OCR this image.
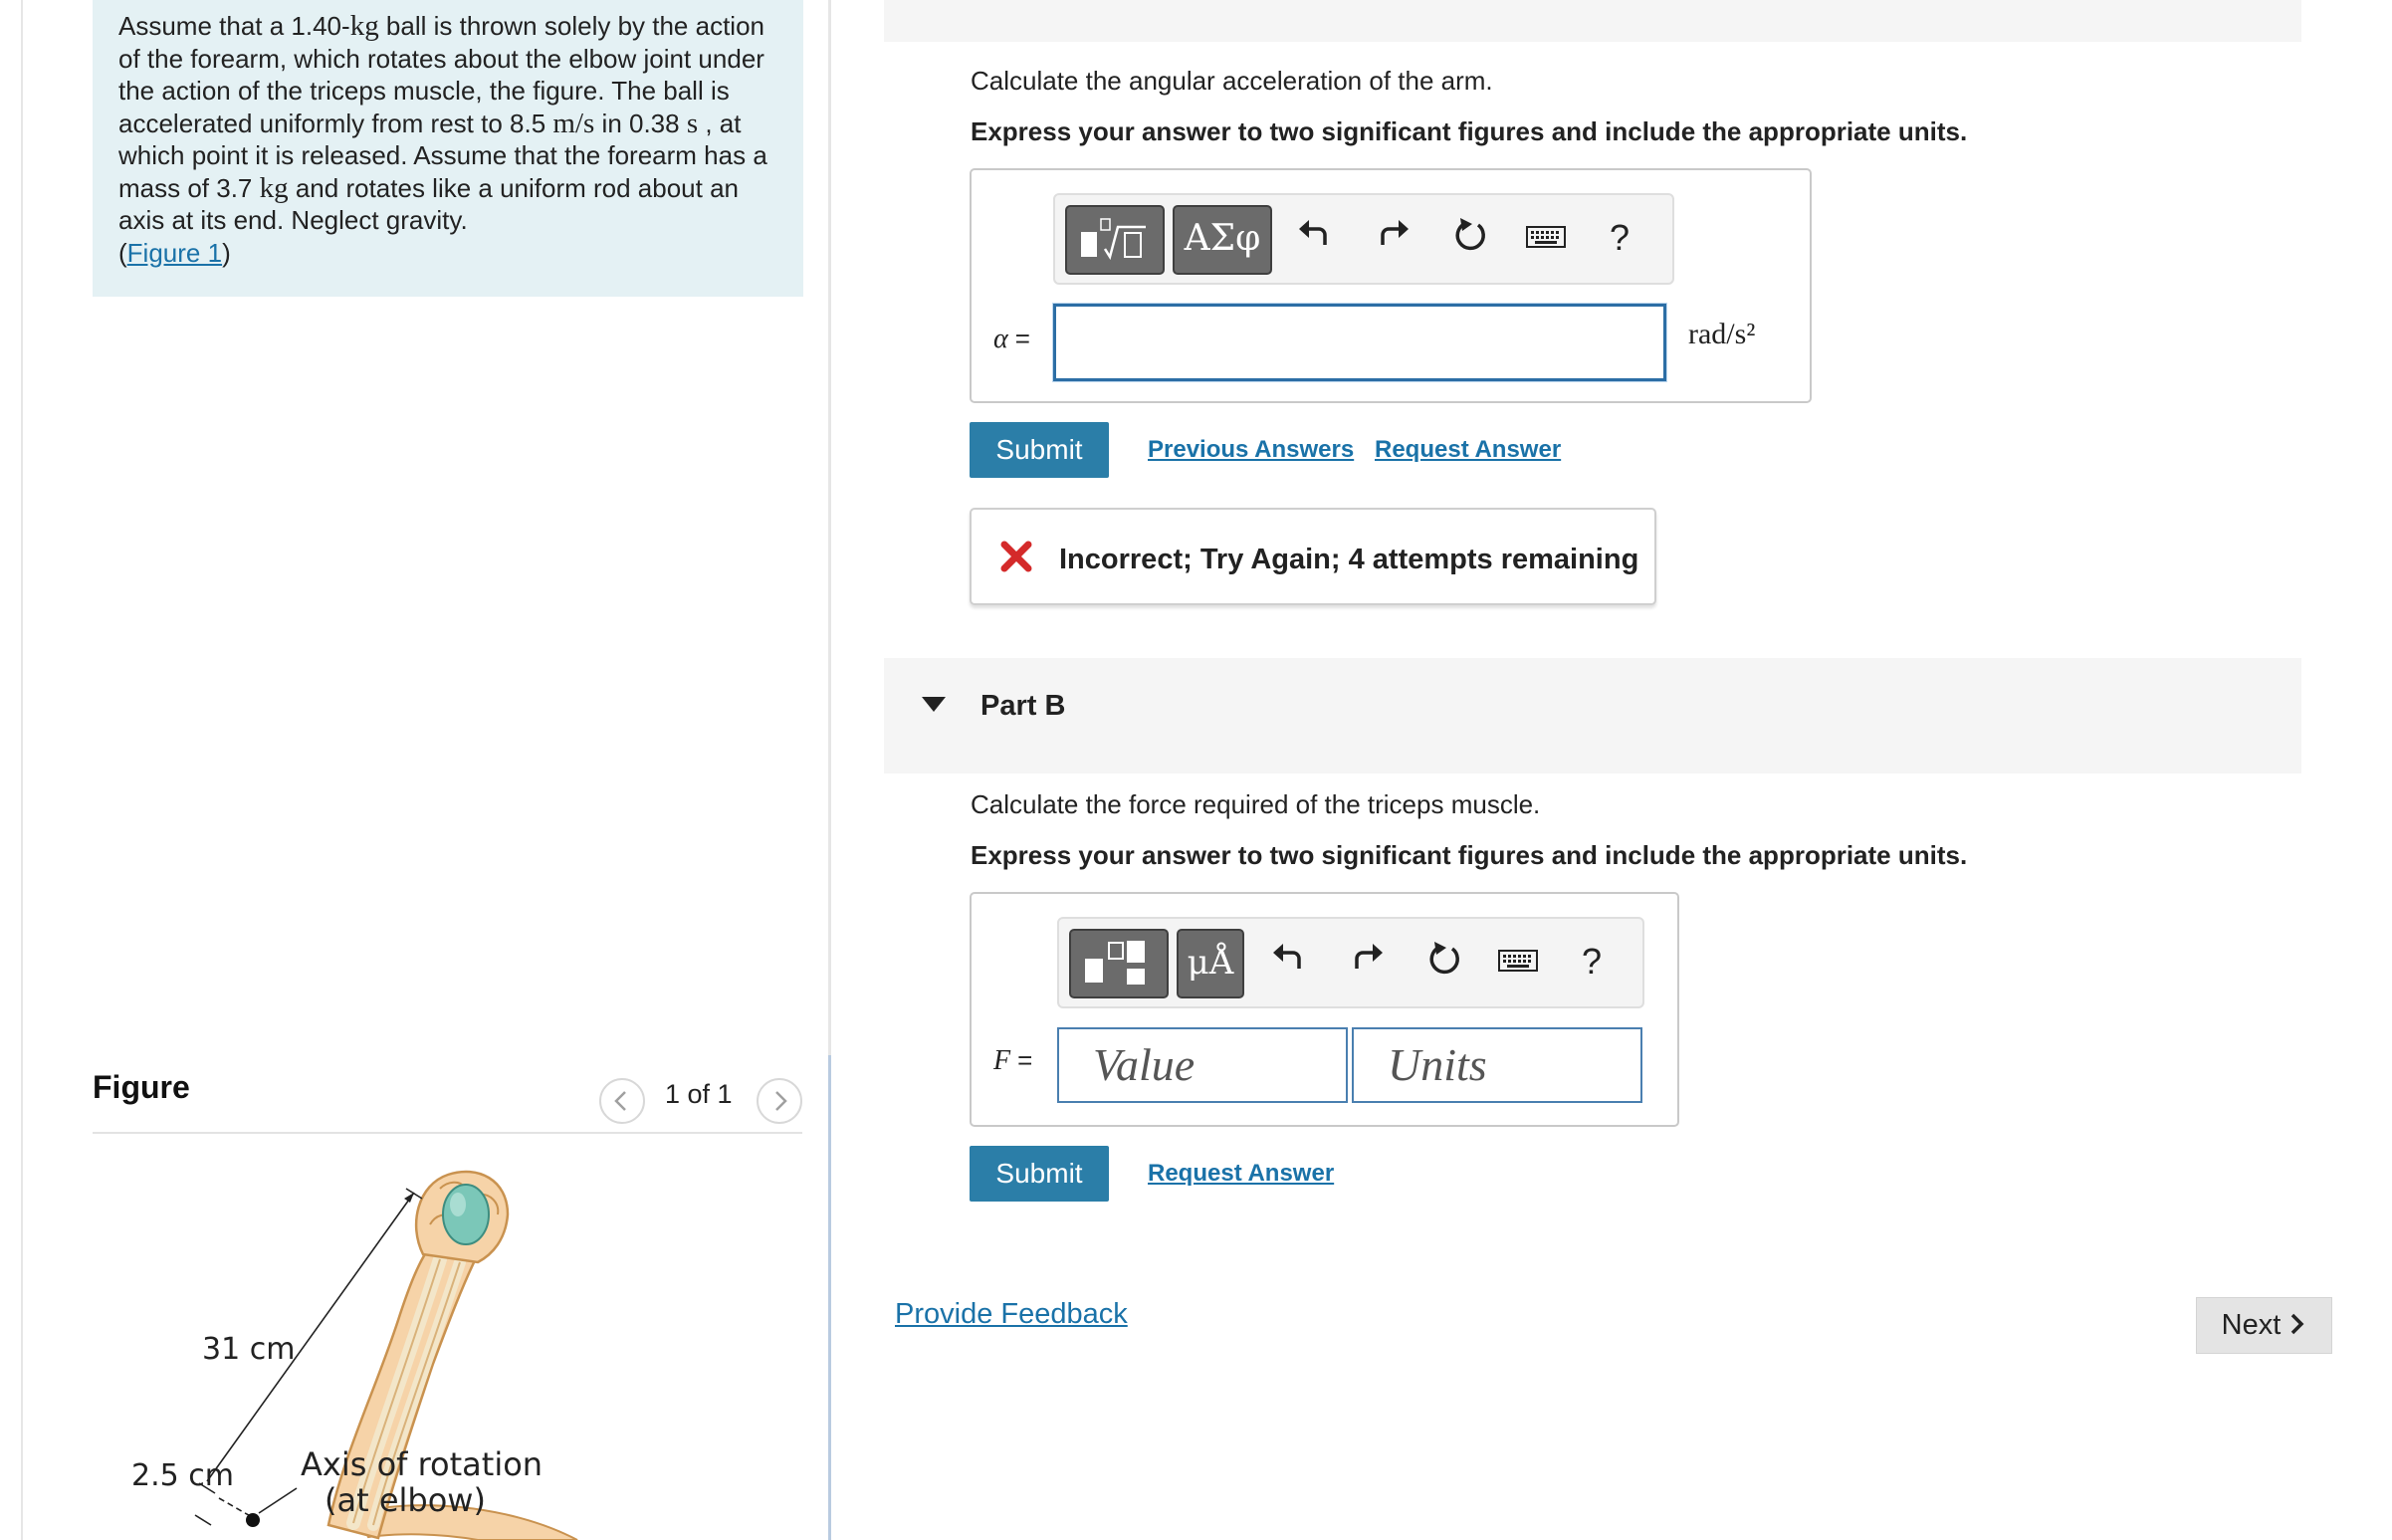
Assume that a 1.40-kg ball is thrown solely by the action of the forearm, which rotates about the elbow joint under the action of the triceps muscle, the figure. The ball is accelerated uniformly from rest to 8.5 m/s in 0.38 s , at which point it is released. Assume that the forearm has a mass of 3.7 kg and rotates like a uniform rod about an axis at its end. Neglect gravity.
(Figure 1)
Figure	1 of 1
31 cm
2.5 cm Axis of rotation
(at elbow)
Calculate the angular acceleration of the arm.
Express your answer to two significant figures and include the appropriate units.
ΑΣφ	?
α =	rad/s²
Submit	Previous Answers Request Answer
Incorrect; Try Again; 4 attempts remaining
Part B
Calculate the force required of the triceps muscle.
Express your answer to two significant figures and include the appropriate units.
μÅ	?
F =	Value	Units
Submit	Request Answer
Provide Feedback	Next
